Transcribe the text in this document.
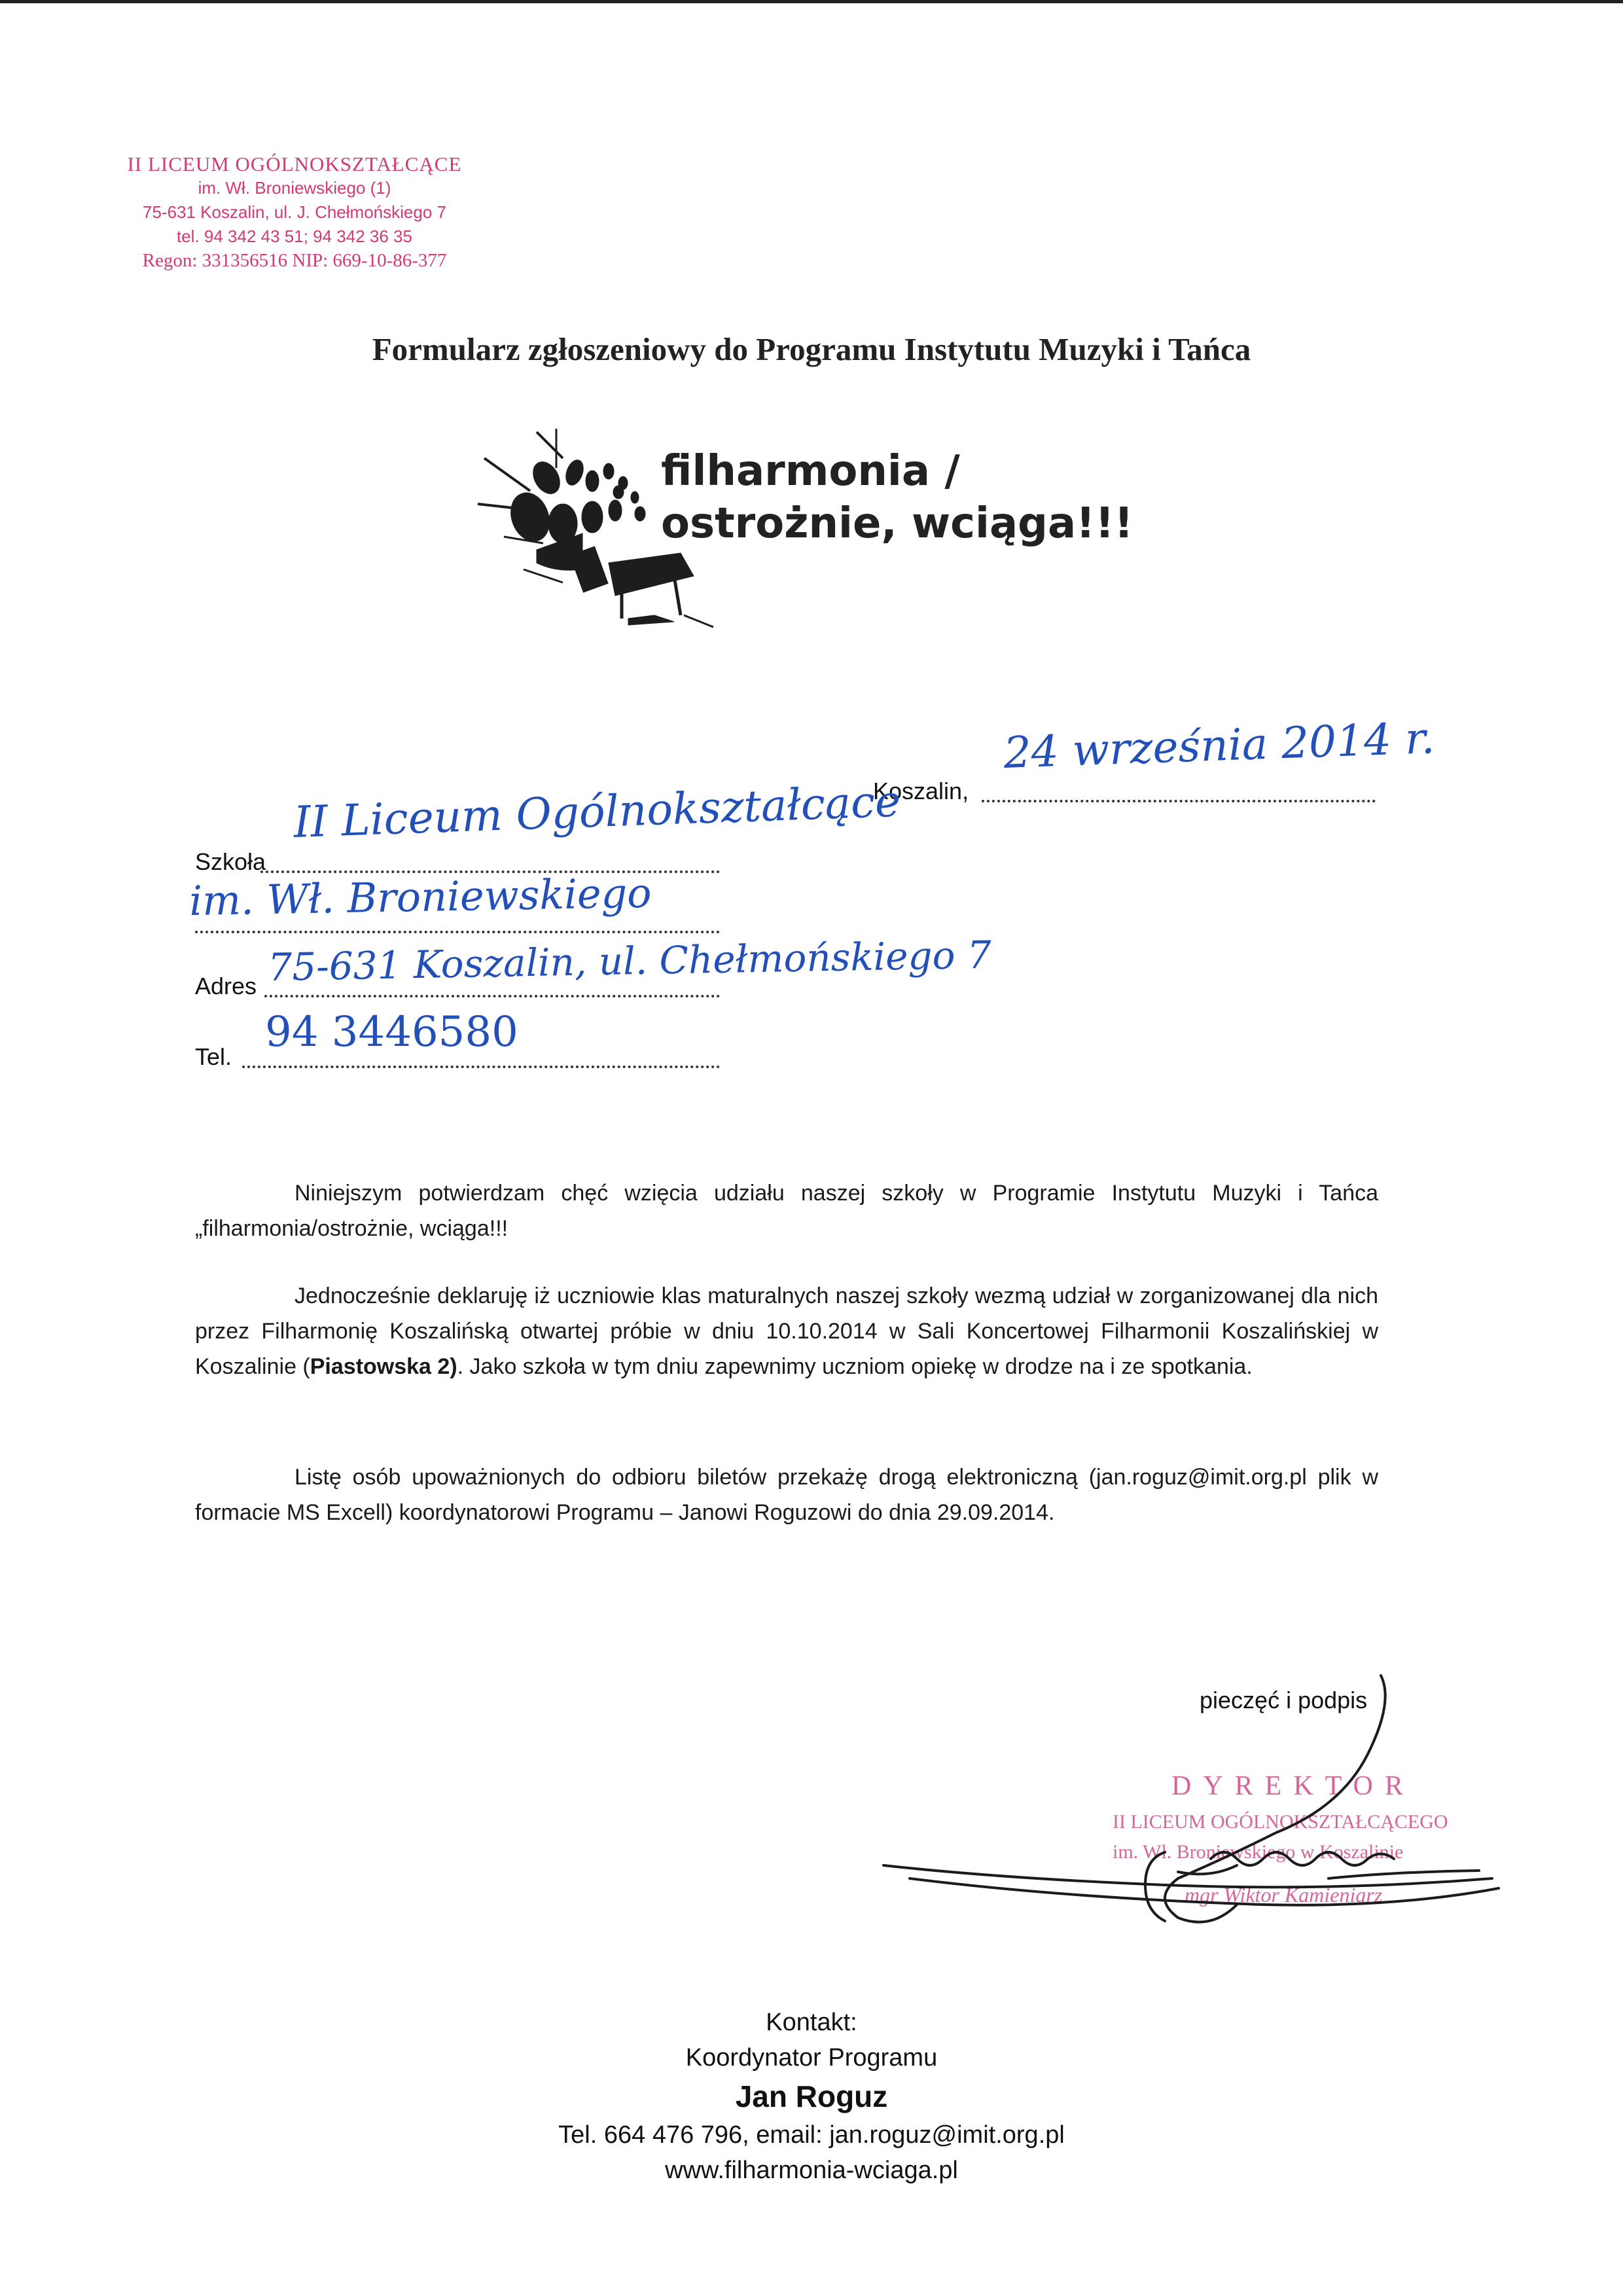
II LICEUM OGÓLNOKSZTAŁCĄCE
im. Wł. Broniewskiego (1)
75-631 Koszalin, ul. J. Chełmońskiego 7
tel. 94 342 43 51; 94 342 36 35
Regon: 331356516 NIP: 669-10-86-377
Formularz zgłoszeniowy do Programu Instytutu Muzyki i Tańca
filharmonia /
ostrożnie, wciąga!!!
Koszalin,
24 września 2014 r.
Szkoła
II Liceum Ogólnokształcące
im. Wł. Broniewskiego
Adres 75-631 Koszalin, ul. Chełmońskiego 7
Tel.
94 3446580
Niniejszym potwierdzam chęć wzięcia udziału naszej szkoły w Programie Instytutu Muzyki i Tańca „filharmonia/ostrożnie, wciąga!!!
Jednocześnie deklaruję iż uczniowie klas maturalnych naszej szkoły wezmą udział w zorganizowanej dla nich przez Filharmonię Koszalińską otwartej próbie w dniu 10.10.2014 w Sali Koncertowej Filharmonii Koszalińskiej w Koszalinie (Piastowska 2). Jako szkoła w tym dniu zapewnimy uczniom opiekę w drodze na i ze spotkania.
Listę osób upoważnionych do odbioru biletów przekażę drogą elektroniczną (jan.roguz@imit.org.pl plik w formacie MS Excell) koordynatorowi Programu – Janowi Roguzowi do dnia 29.09.2014.
pieczęć i podpis
DYREKTOR
II LICEUM OGÓLNOKSZTAŁCĄCEGO
im. Wł. Broniewskiego w Koszalinie
mgr Wiktor Kamieniarz
Kontakt:
Koordynator Programu
Jan Roguz
Tel. 664 476 796, email: jan.roguz@imit.org.pl
www.filharmonia-wciaga.pl
